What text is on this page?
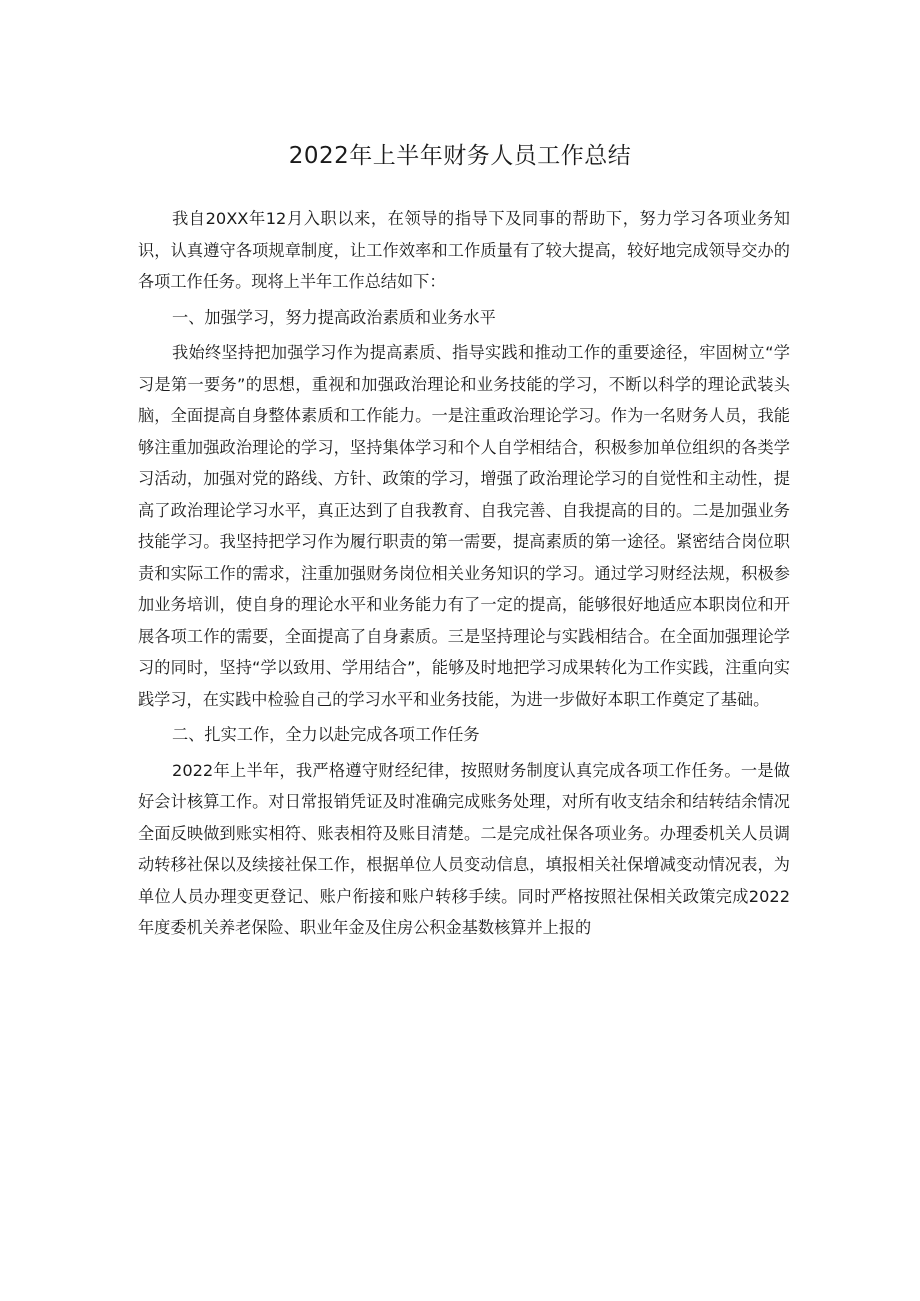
2022年上半年财务人员工作总结

我自20XX年12月入职以来，在领导的指导下及同事的帮助下，努力学习各项业务知识，认真遵守各项规章制度，让工作效率和工作质量有了较大提高，较好地完成领导交办的各项工作任务。现将上半年工作总结如下：

一、加强学习，努力提高政治素质和业务水平

我始终坚持把加强学习作为提高素质、指导实践和推动工作的重要途径，牢固树立“学习是第一要务”的思想，重视和加强政治理论和业务技能的学习，不断以科学的理论武装头脑，全面提高自身整体素质和工作能力。一是注重政治理论学习。作为一名财务人员，我能够注重加强政治理论的学习，坚持集体学习和个人自学相结合，积极参加单位组织的各类学习活动，加强对党的路线、方针、政策的学习，增强了政治理论学习的自觉性和主动性，提高了政治理论学习水平，真正达到了自我教育、自我完善、自我提高的目的。二是加强业务技能学习。我坚持把学习作为履行职责的第一需要，提高素质的第一途径。紧密结合岗位职责和实际工作的需求，注重加强财务岗位相关业务知识的学习。通过学习财经法规，积极参加业务培训，使自身的理论水平和业务能力有了一定的提高，能够很好地适应本职岗位和开展各项工作的需要，全面提高了自身素质。三是坚持理论与实践相结合。在全面加强理论学习的同时，坚持“学以致用、学用结合”，能够及时地把学习成果转化为工作实践，注重向实践学习，在实践中检验自己的学习水平和业务技能，为进一步做好本职工作奠定了基础。

二、扎实工作，全力以赴完成各项工作任务

2022年上半年，我严格遵守财经纪律，按照财务制度认真完成各项工作任务。一是做好会计核算工作。对日常报销凭证及时准确完成账务处理，对所有收支结余和结转结余情况全面反映做到账实相符、账表相符及账目清楚。二是完成社保各项业务。办理委机关人员调动转移社保以及续接社保工作，根据单位人员变动信息，填报相关社保增减变动情况表，为单位人员办理变更登记、账户衔接和账户转移手续。同时严格按照社保相关政策完成2022年度委机关养老保险、职业年金及住房公积金基数核算并上报的
